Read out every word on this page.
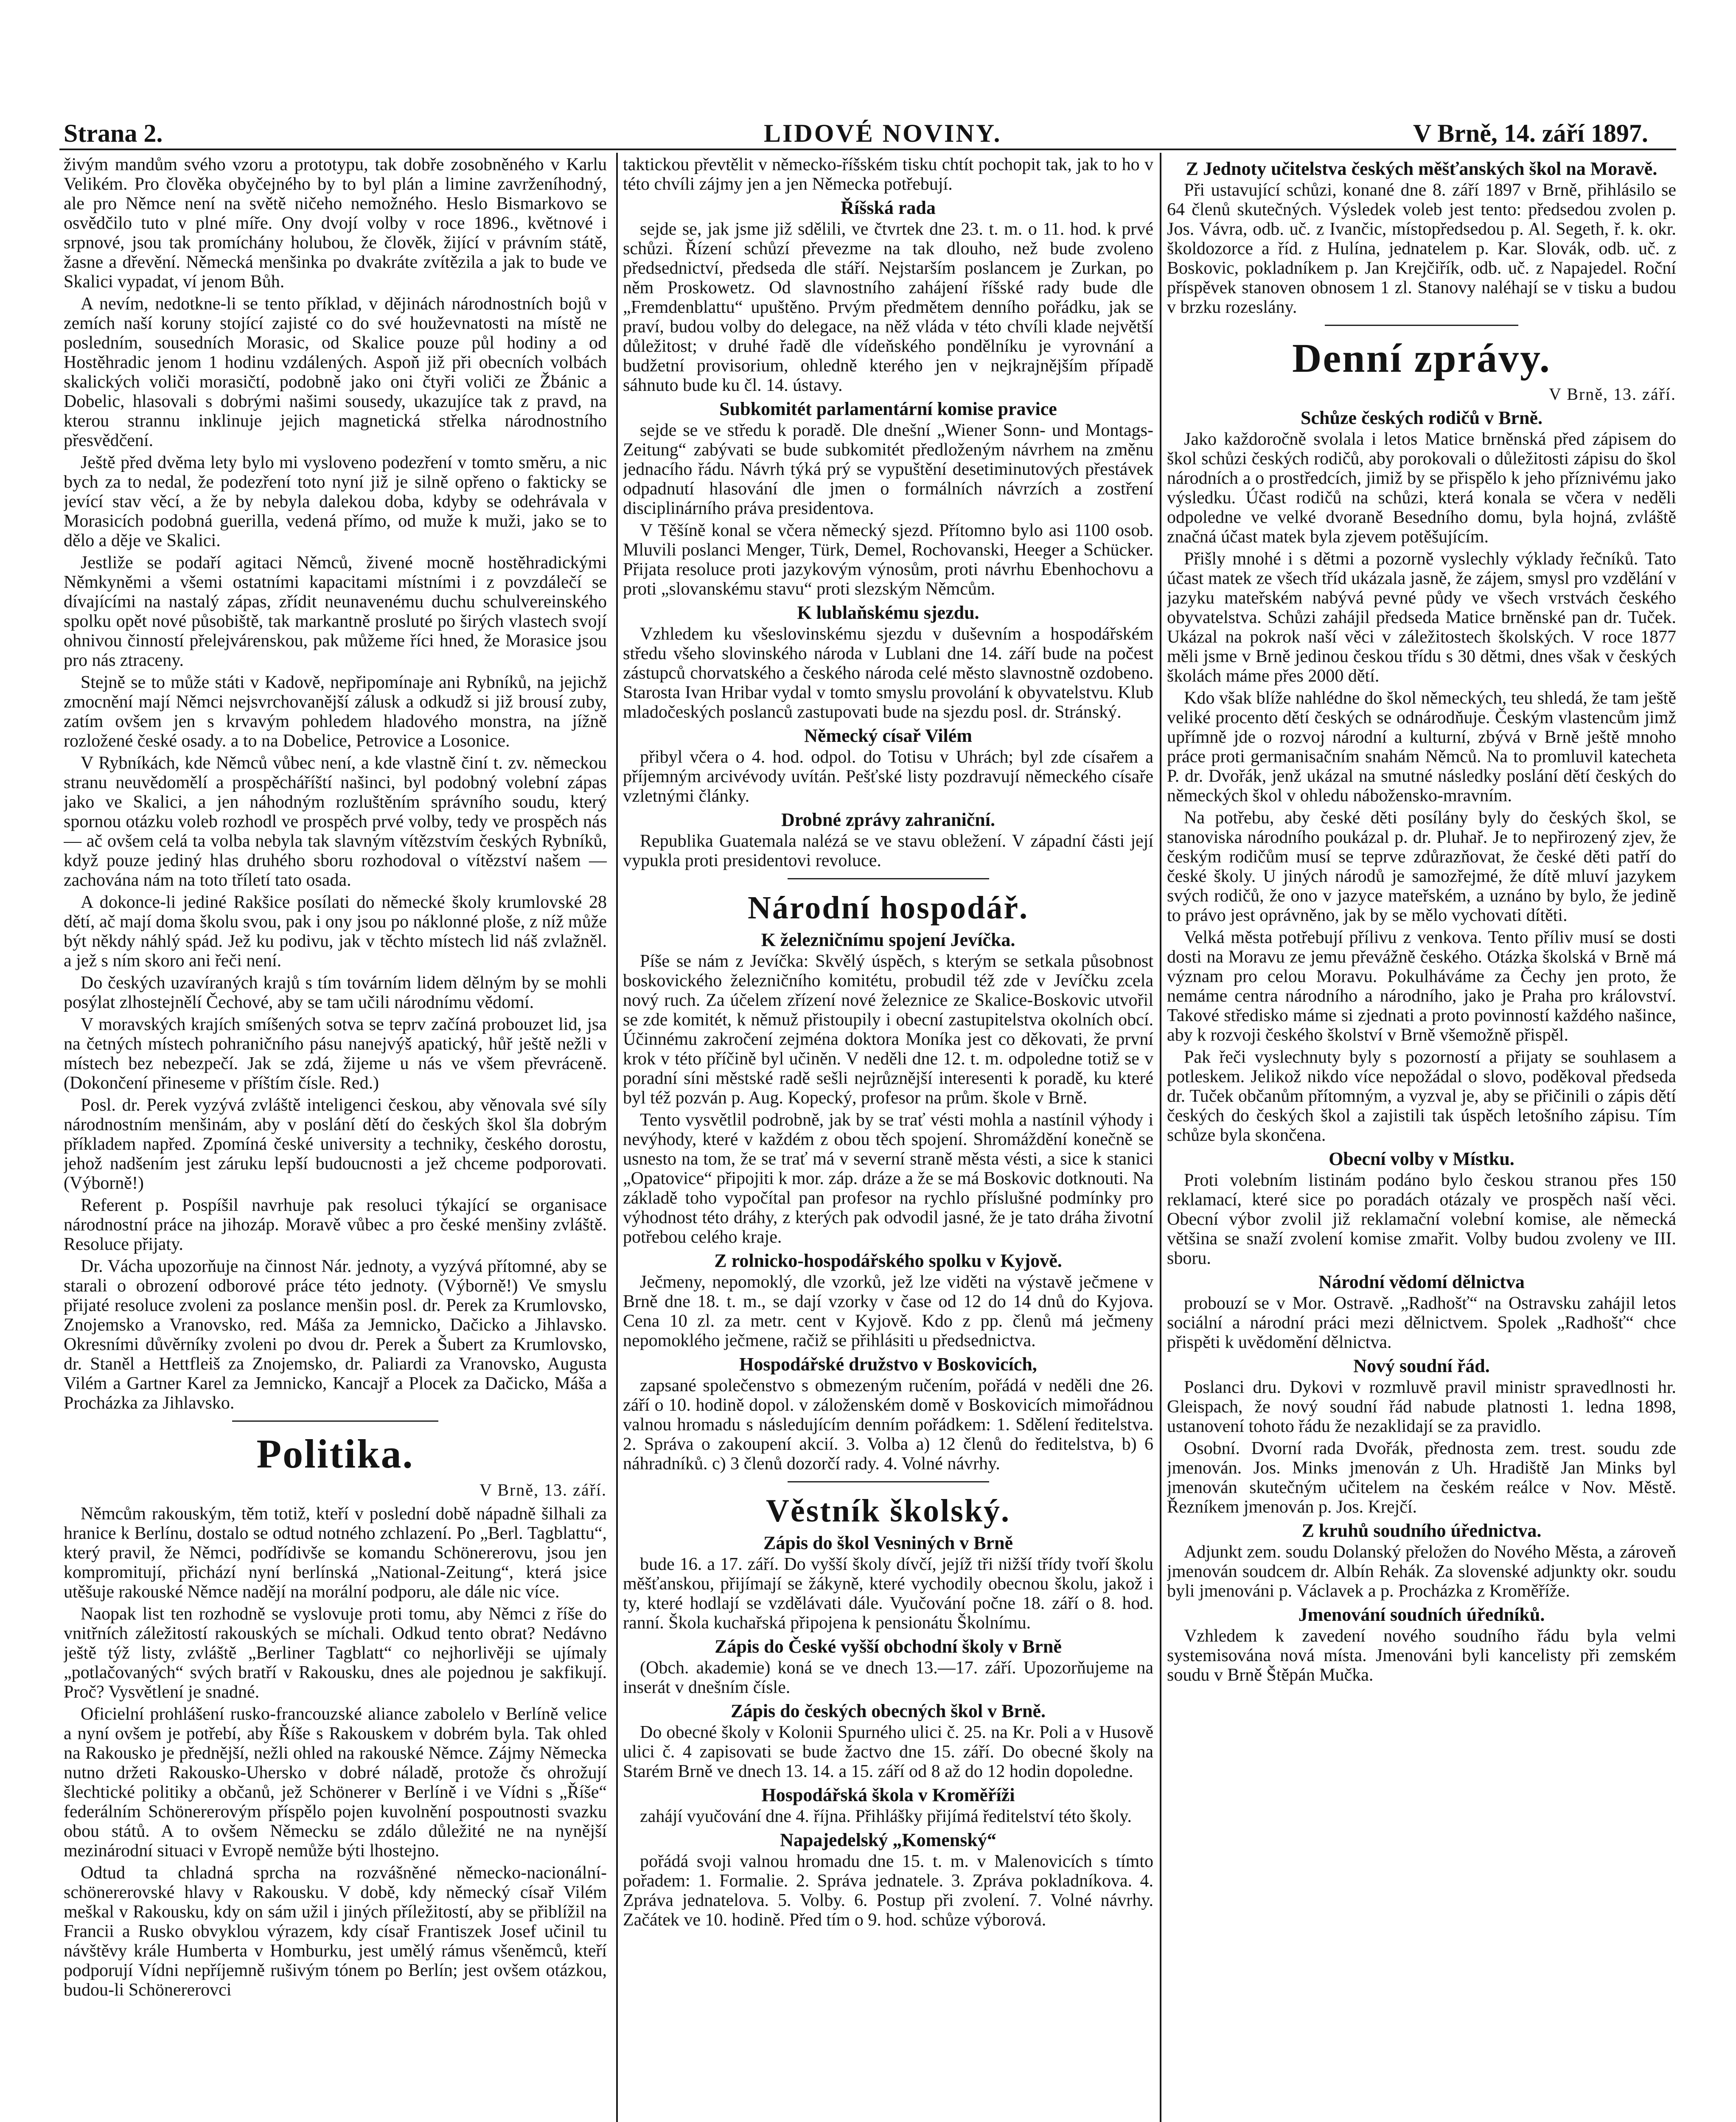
Strana 2.	LIDOVÉ NOVINY.	V Brně, 14. září 1897.

živým mandům svého vzoru a prototypu, tak dobře zosobněného v Karlu Velikém. Pro člověka obyčejného by to byl plán a limine zavrženíhodný, ale pro Němce není na světě ničeho nemožného. Heslo Bismarkovo se osvědčilo tuto v plné míře. Ony dvojí volby v roce 1896., květnové i srpnové, jsou tak promíchány holubou, že člověk, žijící v právním státě, žasne a dřevění. Německá menšinka po dvakráte zvítězila a jak to bude ve Skalici vypadat, ví jenom Bůh.

A nevím, nedotkne-li se tento příklad, v dějinách národnostních bojů v zemích naší koruny stojící zajisté co do své houževnatosti na místě ne posledním, sousedních Morasic, od Skalice pouze půl hodiny a od Hostěhradic jenom 1 hodinu vzdálených. Aspoň již při obecních volbách skalických voliči morasičtí, podobně jako oni čtyři voliči ze Žbánic a Dobelic, hlasovali s dobrými našimi sousedy, ukazujíce tak z pravd, na kterou strannu inklinuje jejich magnetická střelka národnostního přesvědčení.

Ještě před dvěma lety bylo mi vysloveno podezření v tomto směru, a nic bych za to nedal, že podezření toto nyní již je silně opřeno o fakticky se jevící stav věcí, a že by nebyla dalekou doba, kdyby se odehrávala v Morasicích podobná guerilla, vedená přímo, od muže k muži, jako se to dělo a děje ve Skalici.

Jestliže se podaří agitaci Němců, živené mocně hostěhradickými Němkyněmi a všemi ostatními kapacitami místními i z povzdálečí se dívajícími na nastalý zápas, zřídit neunavenému duchu schulvereinského spolku opět nové působiště, tak markantně prosluté po širých vlastech svojí ohnivou činností přelejvárenskou, pak můžeme říci hned, že Morasice jsou pro nás ztraceny.

Stejně se to může státi v Kadově, nepřipomínaje ani Rybníků, na jejichž zmocnění mají Němci nejsvrchovanější zálusk a odkudž si již brousí zuby, zatím ovšem jen s krvavým pohledem hladového monstra, na jížně rozložené české osady. a to na Dobelice, Petrovice a Losonice.

V Rybníkách, kde Němců vůbec není, a kde vlastně činí t. zv. německou stranu neuvědomělí a prospěcháříští našinci, byl podobný volební zápas jako ve Skalici, a jen náhodným rozluštěním správního soudu, který spornou otázku voleb rozhodl ve prospěch prvé volby, tedy ve prospěch nás — ač ovšem celá ta volba nebyla tak slavným vítězstvím českých Rybníků, když pouze jediný hlas druhého sboru rozhodoval o vítězství našem — zachována nám na toto tříletí tato osada.

A dokonce-li jediné Rakšice posílati do německé školy krumlovské 28 dětí, ač mají doma školu svou, pak i ony jsou po náklonné ploše, z níž může být někdy náhlý spád. Jež ku podivu, jak v těchto místech lid náš zvlažněl. a jež s ním skoro ani řeči není.

Do českých uzavíraných krajů s tím továrním lidem dělným by se mohli posýlat zlhostejnělí Čechové, aby se tam učili národnímu vědomí.

V moravských krajích smíšených sotva se teprv začíná probouzet lid, jsa na četných místech pohraničního pásu nanejvýš apatický, hůř ještě nežli v místech bez nebezpečí. Jak se zdá, žijeme u nás ve všem převráceně. (Dokončení přineseme v příštím čísle. Red.)

Posl. dr. Perek vyzývá zvláště inteligenci českou, aby věnovala své síly národnostním menšinám, aby v poslání dětí do českých škol šla dobrým příkladem napřed. Zpomíná české university a techniky, českého dorostu, jehož nadšením jest záruku lepší budoucnosti a jež chceme podporovati. (Výborně!)

Referent p. Pospíšil navrhuje pak resoluci týkající se organisace národnostní práce na jihozáp. Moravě vůbec a pro české menšiny zvláště. Resoluce přijaty.

Dr. Vácha upozorňuje na činnost Nár. jednoty, a vyzývá přítomné, aby se starali o obrození odborové práce této jednoty. (Výborně!) Ve smyslu přijaté resoluce zvoleni za poslance menšin posl. dr. Perek za Krumlovsko, Znojemsko a Vranovsko, red. Máša za Jemnicko, Dačicko a Jihlavsko. Okresními důvěrníky zvoleni po dvou dr. Perek a Šubert za Krumlovsko, dr. Staněl a Hettfleiš za Znojemsko, dr. Paliardi za Vranovsko, Augusta Vilém a Gartner Karel za Jemnicko, Kancajř a Plocek za Dačicko, Máša a Procházka za Jihlavsko.

Politika.
V Brně, 13. září.

Němcům rakouským, těm totiž, kteří v poslední době nápadně šilhali za hranice k Berlínu, dostalo se odtud notného zchlazení. Po „Berl. Tagblattu“, který pravil, že Němci, podřídivše se komandu Schönererovu, jsou jen kompromitují, přichází nyní berlínská „National-Zeitung“, která jsice utěšuje rakouské Němce nadějí na morální podporu, ale dále nic více.

Naopak list ten rozhodně se vyslovuje proti tomu, aby Němci z říše do vnitřních záležitostí rakouských se míchali. Odkud tento obrat? Nedávno ještě týž listy, zvláště „Berliner Tagblatt“ co nejhorlivěji se ujímaly „potlačovaných“ svých bratří v Rakousku, dnes ale pojednou je sakfikují. Proč? Vysvětlení je snadné.

Oficielní prohlášení rusko-francouzské aliance zabolelo v Berlíně velice a nyní ovšem je potřebí, aby Říše s Rakouskem v dobrém byla. Tak ohled na Rakousko je přednější, nežli ohled na rakouské Němce. Zájmy Německa nutno držeti Rakousko-Uhersko v dobré náladě, protože čs ohrožují šlechtické politiky a občanů, jež Schönerer v Berlíně i ve Vídni s „Říše“ federálním Schönererovým příspělo pojen kuvolnění pospoutnosti svazku obou států. A to ovšem Německu se zdálo důležité ne na nynější mezinárodní situaci v Evropě nemůže býti lhostejno.

Odtud ta chladná sprcha na rozvášněné německo-nacionální-schönererovské hlavy v Rakousku. V době, kdy německý císař Vilém meškal v Rakousku, kdy on sám užil i jiných příležitostí, aby se přiblížil na Francii a Rusko obvyklou výrazem, kdy císař Frantiszek Josef učinil tu návštěvy krále Humberta v Homburku, jest umělý rámus všeněmců, kteří podporují Vídni nepříjemně rušivým tónem po Berlín; jest ovšem otázkou, budou-li Schönererovci

taktickou převtělit v německo-říšském tisku chtít pochopit tak, jak to ho v této chvíli zájmy jen a jen Německa potřebují.

Říšská rada

sejde se, jak jsme již sdělili, ve čtvrtek dne 23. t. m. o 11. hod. k prvé schůzi. Řízení schůzí převezme na tak dlouho, než bude zvoleno předsednictví, předseda dle stáří. Nejstarším poslancem je Zurkan, po něm Proskowetz. Od slavnostního zahájení říšské rady bude dle „Fremdenblattu“ upuštěno. Prvým předmětem denního pořádku, jak se praví, budou volby do delegace, na něž vláda v této chvíli klade největší důležitost; v druhé řadě dle vídeňského pondělníku je vyrovnání a budžetní provisorium, ohledně kterého jen v nejkrajnějším případě sáhnuto bude ku čl. 14. ústavy.

Subkomitét parlamentární komise pravice

sejde se ve středu k poradě. Dle dnešní „Wiener Sonn- und Montags-Zeitung“ zabývati se bude subkomitét předloženým návrhem na změnu jednacího řádu. Návrh týká prý se vypuštění desetiminutových přestávek odpadnutí hlasování dle jmen o formálních návrzích a zostření disciplinárního práva presidentova.

V Těšíně konal se včera německý sjezd. Přítomno bylo asi 1100 osob. Mluvili poslanci Menger, Türk, Demel, Rochovanski, Heeger a Schücker. Přijata resoluce proti jazykovým výnosům, proti návrhu Ebenhochovu a proti „slovanskému stavu“ proti slezským Němcům.

K lublaňskému sjezdu.

Vzhledem ku všeslovinskému sjezdu v duševním a hospodářském středu všeho slovinského národa v Lublani dne 14. září bude na počest zástupců chorvatského a českého národa celé město slavnostně ozdobeno. Starosta Ivan Hribar vydal v tomto smyslu provolání k obyvatelstvu. Klub mladočeských poslanců zastupovati bude na sjezdu posl. dr. Stránský.

Německý císař Vilém

přibyl včera o 4. hod. odpol. do Totisu v Uhrách; byl zde císařem a příjemným arcivévody uvítán. Pešťské listy pozdravují německého císaře vzletnými články.

Drobné zprávy zahraniční.

Republika Guatemala nalézá se ve stavu obležení. V západní části její vypukla proti presidentovi revoluce.

Národní hospodář.
K železničnímu spojení Jevíčka.

Píše se nám z Jevíčka: Skvělý úspěch, s kterým se setkala působnost boskovického železničního komitétu, probudil též zde v Jevíčku zcela nový ruch. Za účelem zřízení nové železnice ze Skalice-Boskovic utvořil se zde komitét, k němuž přistoupily i obecní zastupitelstva okolních obcí. Účinnému zakročení zejména doktora Moníka jest co děkovati, že první krok v této příčině byl učiněn. V neděli dne 12. t. m. odpoledne totiž se v poradní síni městské radě sešli nejrůznější interesenti k poradě, ku které byl též pozván p. Aug. Kopecký, profesor na prům. škole v Brně.

Tento vysvětlil podrobně, jak by se trať vésti mohla a nastínil výhody i nevýhody, které v každém z obou těch spojení. Shromáždění konečně se usnesto na tom, že se trať má v severní straně města vésti, a sice k stanici „Opatovice“ připojiti k mor. záp. dráze a že se má Boskovic dotknouti. Na základě toho vypočítal pan profesor na rychlo příslušné podmínky pro výhodnost této dráhy, z kterých pak odvodil jasné, že je tato dráha životní potřebou celého kraje.

Z rolnicko-hospodářského spolku v Kyjově.

Ječmeny, nepomoklý, dle vzorků, jež lze viděti na výstavě ječmene v Brně dne 18. t. m., se dají vzorky v čase od 12 do 14 dnů do Kyjova. Cena 10 zl. za metr. cent v Kyjově. Kdo z pp. členů má ječmeny nepomoklého ječmene, račiž se přihlásiti u předsednictva.

Hospodářské družstvo v Boskovicích,

zapsané společenstvo s obmezeným ručením, pořádá v neděli dne 26. září o 10. hodině dopol. v záloženském domě v Boskovicích mimořádnou valnou hromadu s následujícím denním pořádkem: 1. Sdělení ředitelstva. 2. Správa o zakoupení akcií. 3. Volba a) 12 členů do ředitelstva, b) 6 náhradníků. c) 3 členů dozorčí rady. 4. Volné návrhy.

Věstník školský.
Zápis do škol Vesniných v Brně

bude 16. a 17. září. Do vyšší školy dívčí, jejíž tři nižší třídy tvoří školu měšťanskou, přijímají se žákyně, které vychodily obecnou školu, jakož i ty, které hodlají se vzdělávati dále. Vyučování počne 18. září o 8. hod. ranní. Škola kuchařská připojena k pensionátu Školnímu.

Zápis do České vyšší obchodní školy v Brně

(Obch. akademie) koná se ve dnech 13.—17. září. Upozorňujeme na inserát v dnešním čísle.

Zápis do českých obecných škol v Brně.

Do obecné školy v Kolonii Spurného ulici č. 25. na Kr. Poli a v Husově ulici č. 4 zapisovati se bude žactvo dne 15. září. Do obecné školy na Starém Brně ve dnech 13. 14. a 15. září od 8 až do 12 hodin dopoledne.

Hospodářská škola v Kroměříži

zahájí vyučování dne 4. října. Přihlášky přijímá ředitelství této školy.

Napajedelský „Komenský“

pořádá svoji valnou hromadu dne 15. t. m. v Malenovicích s tímto pořadem: 1. Formalie. 2. Správa jednatele. 3. Zpráva pokladníkova. 4. Zpráva jednatelova. 5. Volby. 6. Postup při zvolení. 7. Volné návrhy. Začátek ve 10. hodině. Před tím o 9. hod. schůze výborová.

Z Jednoty učitelstva českých měšťanských škol na Moravě.

Při ustavující schůzi, konané dne 8. září 1897 v Brně, přihlásilo se 64 členů skutečných. Výsledek voleb jest tento: předsedou zvolen p. Jos. Vávra, odb. uč. z Ivančic, místopředsedou p. Al. Segeth, ř. k. okr. školdozorce a říd. z Hulína, jednatelem p. Kar. Slovák, odb. uč. z Boskovic, pokladníkem p. Jan Krejčiřík, odb. uč. z Napajedel. Roční příspěvek stanoven obnosem 1 zl. Stanovy naléhají se v tisku a budou v brzku rozeslány.

Denní zprávy.
V Brně, 13. září.
Schůze českých rodičů v Brně.

Jako každoročně svolala i letos Matice brněnská před zápisem do škol schůzi českých rodičů, aby porokovali o důležitosti zápisu do škol národních a o prostředcích, jimiž by se přispělo k jeho příznivému jako výsledku. Účast rodičů na schůzi, která konala se včera v neděli odpoledne ve velké dvoraně Besedního domu, byla hojná, zvláště značná účast matek byla zjevem potěšujícím.

Přišly mnohé i s dětmi a pozorně vyslechly výklady řečníků. Tato účast matek ze všech tříd ukázala jasně, že zájem, smysl pro vzdělání v jazyku mateřském nabývá pevné půdy ve všech vrstvách českého obyvatelstva. Schůzi zahájil předseda Matice brněnské pan dr. Tuček. Ukázal na pokrok naší věci v záležitostech školských. V roce 1877 měli jsme v Brně jedinou českou třídu s 30 dětmi, dnes však v českých školách máme přes 2000 dětí.

Kdo však blíže nahlédne do škol německých, teu shledá, že tam ještě veliké procento dětí českých se odnárodňuje. Českým vlastencům jimž upřímně jde o rozvoj národní a kulturní, zbývá v Brně ještě mnoho práce proti germanisačním snahám Němců. Na to promluvil katecheta P. dr. Dvořák, jenž ukázal na smutné následky poslání dětí českých do německých škol v ohledu nábožensko-mravním.

Na potřebu, aby české děti posílány byly do českých škol, se stanoviska národního poukázal p. dr. Pluhař. Je to nepřirozený zjev, že českým rodičům musí se teprve zdůrazňovat, že české děti patří do české školy. U jiných národů je samozřejmé, že dítě mluví jazykem svých rodičů, že ono v jazyce mateřském, a uznáno by bylo, že jedině to právo jest oprávněno, jak by se mělo vychovati dítěti.

Velká města potřebují přílivu z venkova. Tento příliv musí se dosti dosti na Moravu ze jemu převážně českého. Otázka školská v Brně má význam pro celou Moravu. Pokulháváme za Čechy jen proto, že nemáme centra národního a národního, jako je Praha pro království. Takové středisko máme si zjednati a proto povinností každého našince, aby k rozvoji českého školství v Brně všemožně přispěl.

Pak řeči vyslechnuty byly s pozorností a přijaty se souhlasem a potleskem. Jelikož nikdo více nepožádal o slovo, poděkoval předseda dr. Tuček občanům přítomným, a vyzval je, aby se přičinili o zápis dětí českých do českých škol a zajistili tak úspěch letošního zápisu. Tím schůze byla skončena.

Obecní volby v Místku.

Proti volebním listinám podáno bylo českou stranou přes 150 reklamací, které sice po poradách otázaly ve prospěch naší věci. Obecní výbor zvolil již reklamační volební komise, ale německá většina se snaží zvolení komise zmařit. Volby budou zvoleny ve III. sboru.

Národní vědomí dělnictva

probouzí se v Mor. Ostravě. „Radhošť“ na Ostravsku zahájil letos sociální a národní práci mezi dělnictvem. Spolek „Radhošť“ chce přispěti k uvědomění dělnictva.

Nový soudní řád.

Poslanci dru. Dykovi v rozmluvě pravil ministr spravedlnosti hr. Gleispach, že nový soudní řád nabude platnosti 1. ledna 1898, ustanovení tohoto řádu že nezaklidají se za pravidlo.

Osobní. Dvorní rada Dvořák, přednosta zem. trest. soudu zde jmenován. Jos. Minks jmenován z Uh. Hradiště Jan Minks byl jmenován skutečným učitelem na českém reálce v Nov. Městě. Řezníkem jmenován p. Jos. Krejčí.

Z kruhů soudního úřednictva.

Adjunkt zem. soudu Dolanský přeložen do Nového Města, a zároveň jmenován soudcem dr. Albín Rehák. Za slovenské adjunkty okr. soudu byli jmenováni p. Václavek a p. Procházka z Kroměříže.

Jmenování soudních úředníků.

Vzhledem k zavedení nového soudního řádu byla velmi systemisována nová místa. Jmenováni byli kancelisty při zemském soudu v Brně Štěpán Mučka.
